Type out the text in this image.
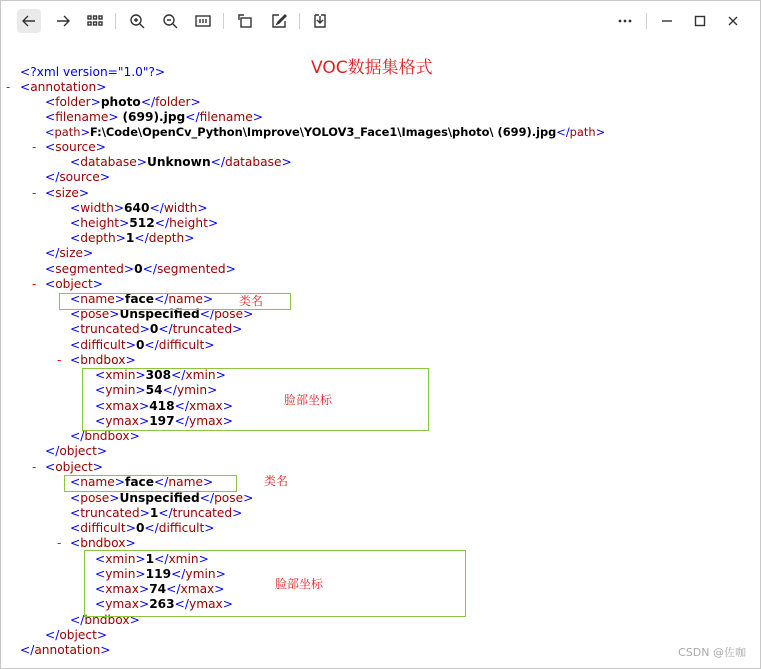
VOC数据集格式
<?xml version="1.0"?>
- <annotation>
<folder>photo</folder>
<filename> (699).jpg</filename>
<path>F:\Code\OpenCv_Python\Improve\YOLOV3_Face1\Images\photo\ (699).jpg</path>
- <source>
<database>Unknown</database>
</source>
- <size>
<width>640</width>
<height>512</height>
<depth>1</depth>
</size>
<segmented>0</segmented>
- <object>
<name>face</name>
<pose>Unspecified</pose>
<truncated>0</truncated>
<difficult>0</difficult>
- <bndbox>
<xmin>308</xmin>
<ymin>54</ymin>
<xmax>418</xmax>
<ymax>197</ymax>
</bndbox>
</object>
- <object>
<name>face</name>
<pose>Unspecified</pose>
<truncated>1</truncated>
<difficult>0</difficult>
- <bndbox>
<xmin>1</xmin>
<ymin>119</ymin>
<xmax>74</xmax>
<ymax>263</ymax>
</bndbox>
</object>
</annotation>
类名
脸部坐标
类名
脸部坐标
CSDN @佐咖
